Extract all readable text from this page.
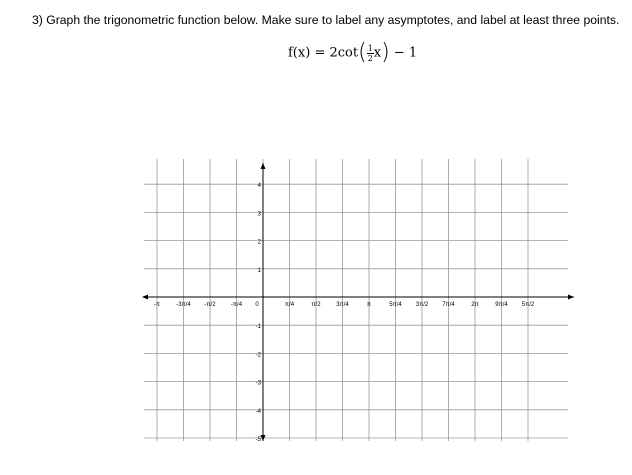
3) Graph the trigonometric function below. Make sure to label any asymptotes, and label at least three points.
$f(x) = 2\cot( \frac{1}{2} x) - 1$
-π	-3π/4 -π/2	-π/4 0	π/4	π/2	3π/4	π	5π/4 3π/2 7π/4	2π	9π/4 5π/2
4
3
2
1
-1
-2
-3
-4
-5
